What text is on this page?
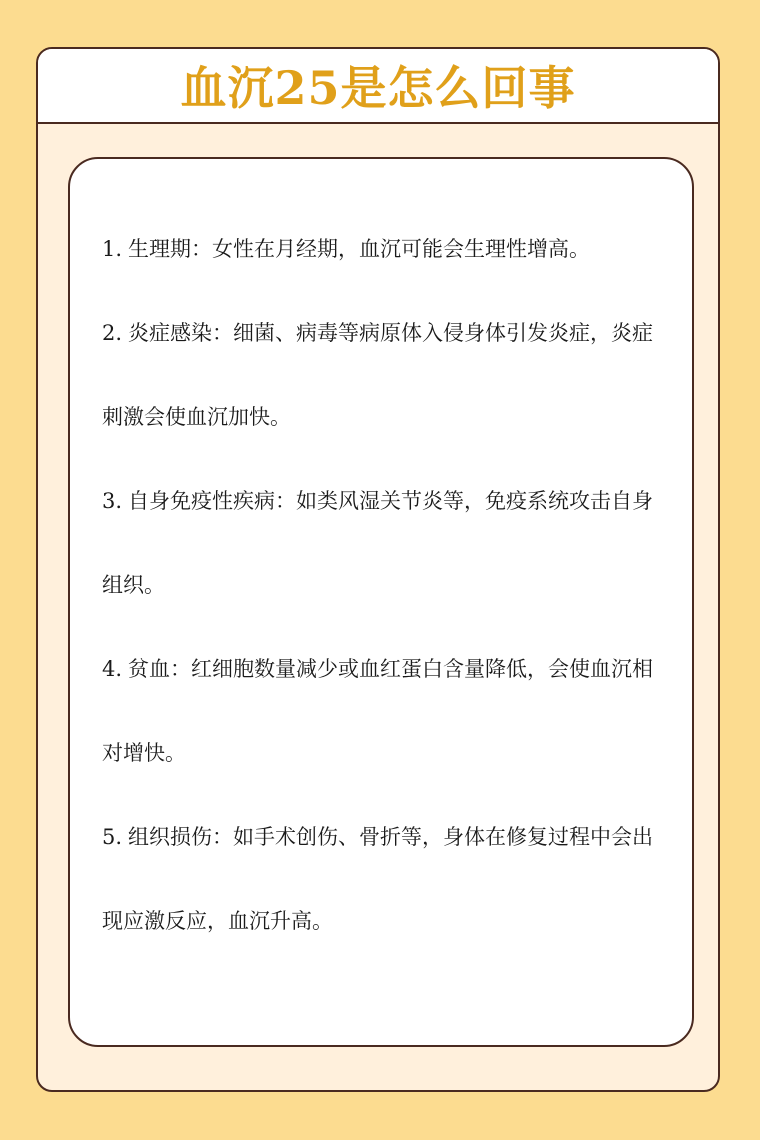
血沉25是怎么回事

1. 生理期：女性在月经期，血沉可能会生理性增高。

2. 炎症感染：细菌、病毒等病原体入侵身体引发炎症，炎症刺激会使血沉加快。

3. 自身免疫性疾病：如类风湿关节炎等，免疫系统攻击自身组织。

4. 贫血：红细胞数量减少或血红蛋白含量降低，会使血沉相对增快。

5. 组织损伤：如手术创伤、骨折等，身体在修复过程中会出现应激反应，血沉升高。
